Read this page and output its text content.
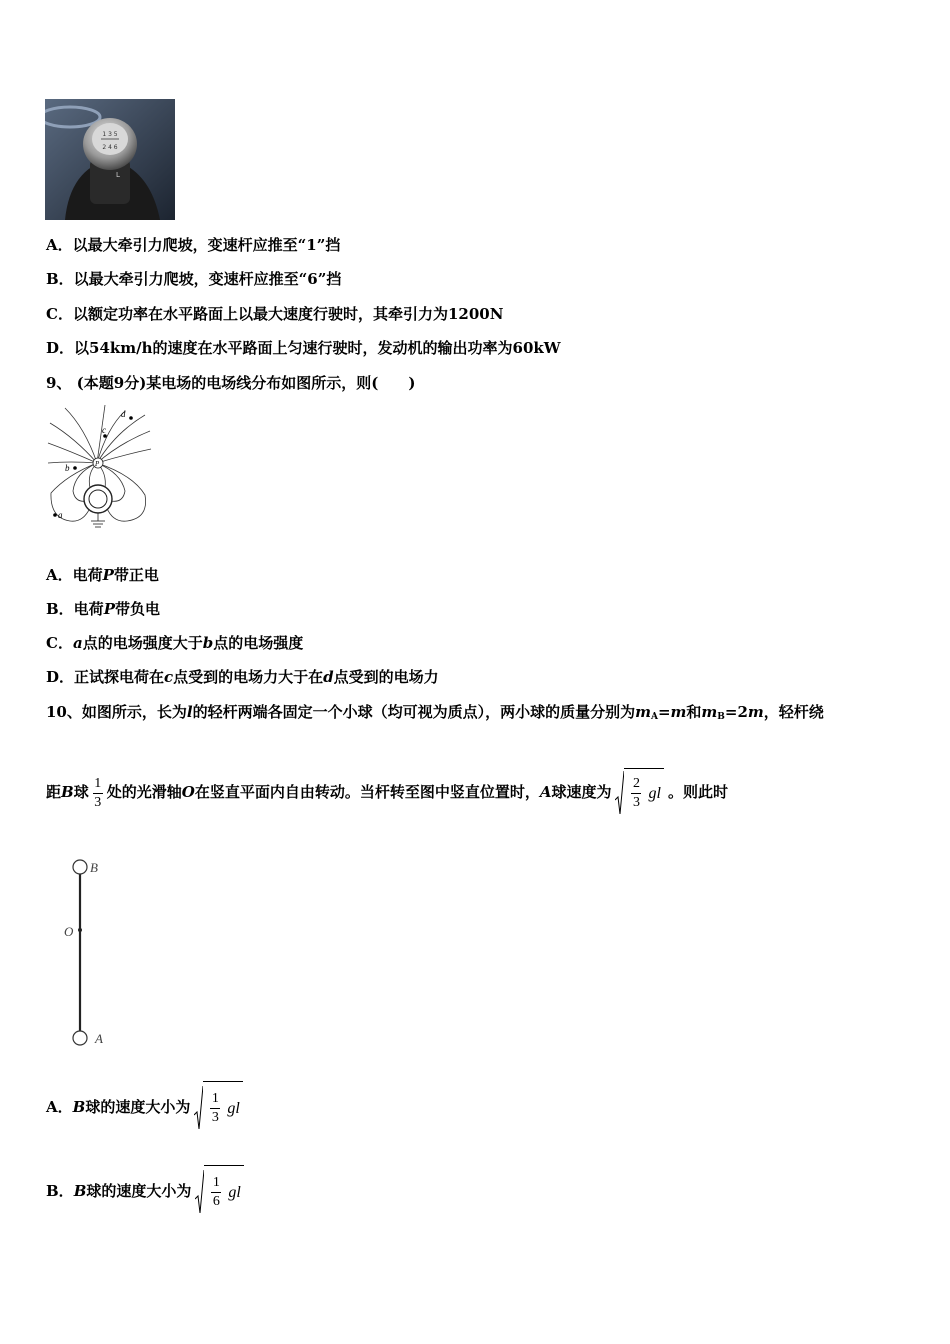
1 3 5
2 4 6
L
A．以最大牵引力爬坡，变速杆应推至“1”挡
B．以最大牵引力爬坡，变速杆应推至“6”挡
C．以额定功率在水平路面上以最大速度行驶时，其牵引力为1200N
D．以54km/h的速度在水平路面上匀速行驶时，发动机的输出功率为60kW
9、 (本题9分)某电场的电场线分布如图所示，则(　　)
P
c
d
b
a
A．电荷P带正电
B．电荷P带负电
C．a点的电场强度大于b点的电场强度
D．正试探电荷在c点受到的电场力大于在d点受到的电场力
10、如图所示，长为l的轻杆两端各固定一个小球（均可视为质点），两小球的质量分别为$m_A=m$和$m_B=2m$，轻杆绕
距B球 $\frac{1}{3}$ 处的光滑轴O在竖直平面内自由转动。当杆转至图中竖直位置时，A球速度为 $\frac{2}{3}$ gl 。则此时
B
O
A
A．B球的速度大小为 $\frac{1}{3}$ gl
B．B球的速度大小为 $\frac{1}{6}$ gl
